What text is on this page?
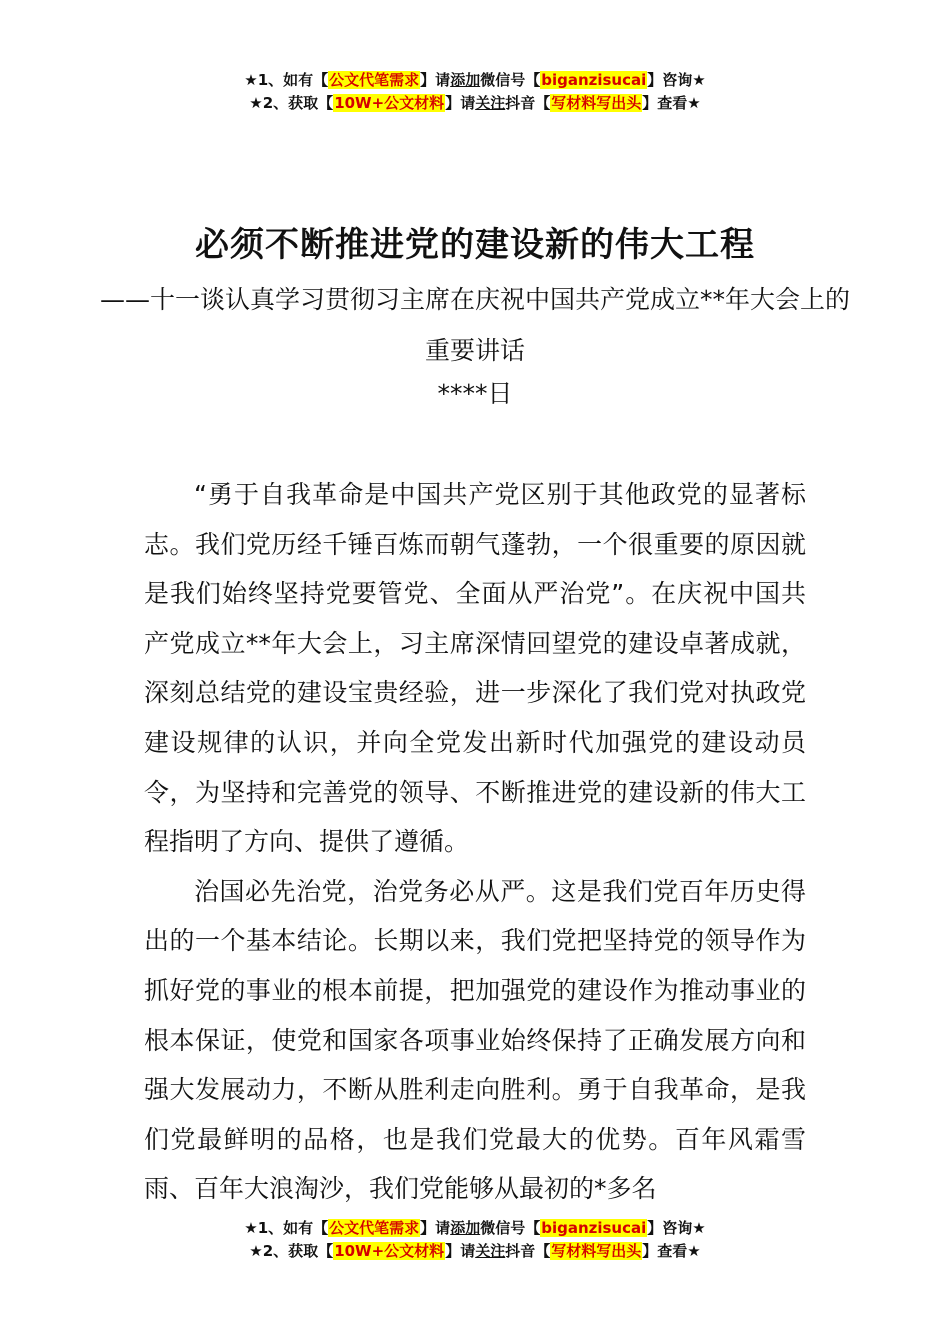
★1、如有【公文代笔需求】请添加微信号【biganzisucai】咨询★
★2、获取【10W+公文材料】请关注抖音【写材料写出头】查看★
必须不断推进党的建设新的伟大工程
——十一谈认真学习贯彻习主席在庆祝中国共产党成立**年大会上的重要讲话
****日

“勇于自我革命是中国共产党区别于其他政党的显著标志。我们党历经千锤百炼而朝气蓬勃，一个很重要的原因就是我们始终坚持党要管党、全面从严治党”。在庆祝中国共产党成立**年大会上，习主席深情回望党的建设卓著成就，深刻总结党的建设宝贵经验，进一步深化了我们党对执政党建设规律的认识，并向全党发出新时代加强党的建设动员令，为坚持和完善党的领导、不断推进党的建设新的伟大工程指明了方向、提供了遵循。

治国必先治党，治党务必从严。这是我们党百年历史得出的一个基本结论。长期以来，我们党把坚持党的领导作为抓好党的事业的根本前提，把加强党的建设作为推动事业的根本保证，使党和国家各项事业始终保持了正确发展方向和强大发展动力，不断从胜利走向胜利。勇于自我革命，是我们党最鲜明的品格，也是我们党最大的优势。百年风霜雪雨、百年大浪淘沙，我们党能够从最初的*多名

★1、如有【公文代笔需求】请添加微信号【biganzisucai】咨询★
★2、获取【10W+公文材料】请关注抖音【写材料写出头】查看★
